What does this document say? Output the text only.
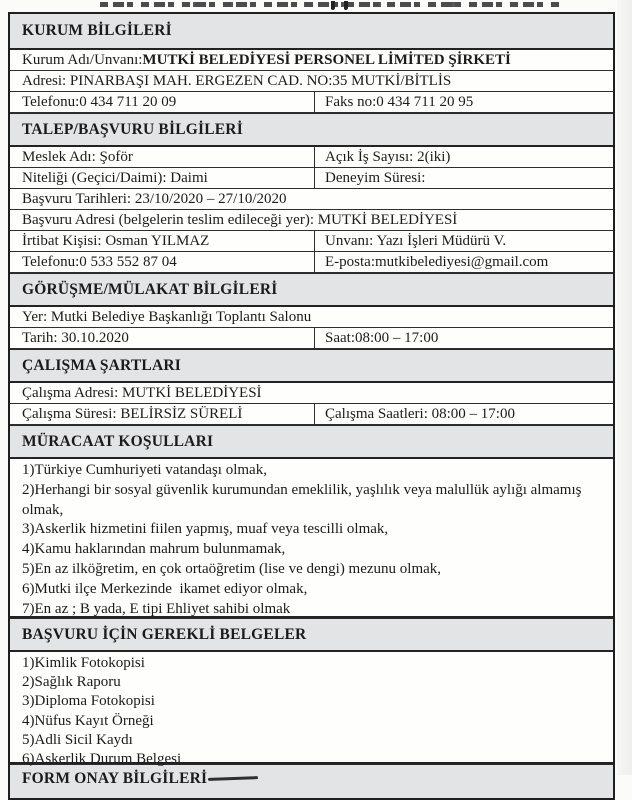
KURUM BİLGİLERİ
Kurum Adı/Unvanı: MUTKİ BELEDİYESİ PERSONEL LİMİTED ŞİRKETİ
Adresi: PINARBAŞI MAH. ERGEZEN CAD. NO:35 MUTKİ/BİTLİS
Telefonu:0 434 711 20 09	Faks no:0 434 711 20 95
TALEP/BAŞVURU BİLGİLERİ
Meslek Adı: Şoför	Açık İş Sayısı: 2(iki)
Niteliği (Geçici/Daimi): Daimi	Deneyim Süresi:
Başvuru Tarihleri: 23/10/2020 – 27/10/2020
Başvuru Adresi (belgelerin teslim edileceği yer): MUTKİ BELEDİYESİ
İrtibat Kişisi: Osman YILMAZ	Unvanı: Yazı İşleri Müdürü V.
Telefonu:0 533 552 87 04	E-posta:mutkibelediyesi@gmail.com
GÖRÜŞME/MÜLAKAT BİLGİLERİ
Yer: Mutki Belediye Başkanlığı Toplantı Salonu
Tarih: 30.10.2020	Saat:08:00 – 17:00
ÇALIŞMA ŞARTLARI
Çalışma Adresi: MUTKİ BELEDİYESİ
Çalışma Süresi: BELİRSİZ SÜRELİ	Çalışma Saatleri: 08:00 – 17:00
MÜRACAAT KOŞULLARI
1)Türkiye Cumhuriyeti vatandaşı olmak,
2)Herhangi bir sosyal güvenlik kurumundan emeklilik, yaşlılık veya malullük aylığı almamış olmak,
3)Askerlik hizmetini fiilen yapmış, muaf veya tescilli olmak,
4)Kamu haklarından mahrum bulunmamak,
5)En az ilköğretim, en çok ortaöğretim (lise ve dengi) mezunu olmak,
6)Mutki ilçe Merkezinde  ikamet ediyor olmak,
7)En az ; B yada, E tipi Ehliyet sahibi olmak
BAŞVURU İÇİN GEREKLİ BELGELER
1)Kimlik Fotokopisi
2)Sağlık Raporu
3)Diploma Fotokopisi
4)Nüfus Kayıt Örneği
5)Adli Sicil Kaydı
6)Askerlik Durum Belgesi
FORM ONAY BİLGİLERİ
